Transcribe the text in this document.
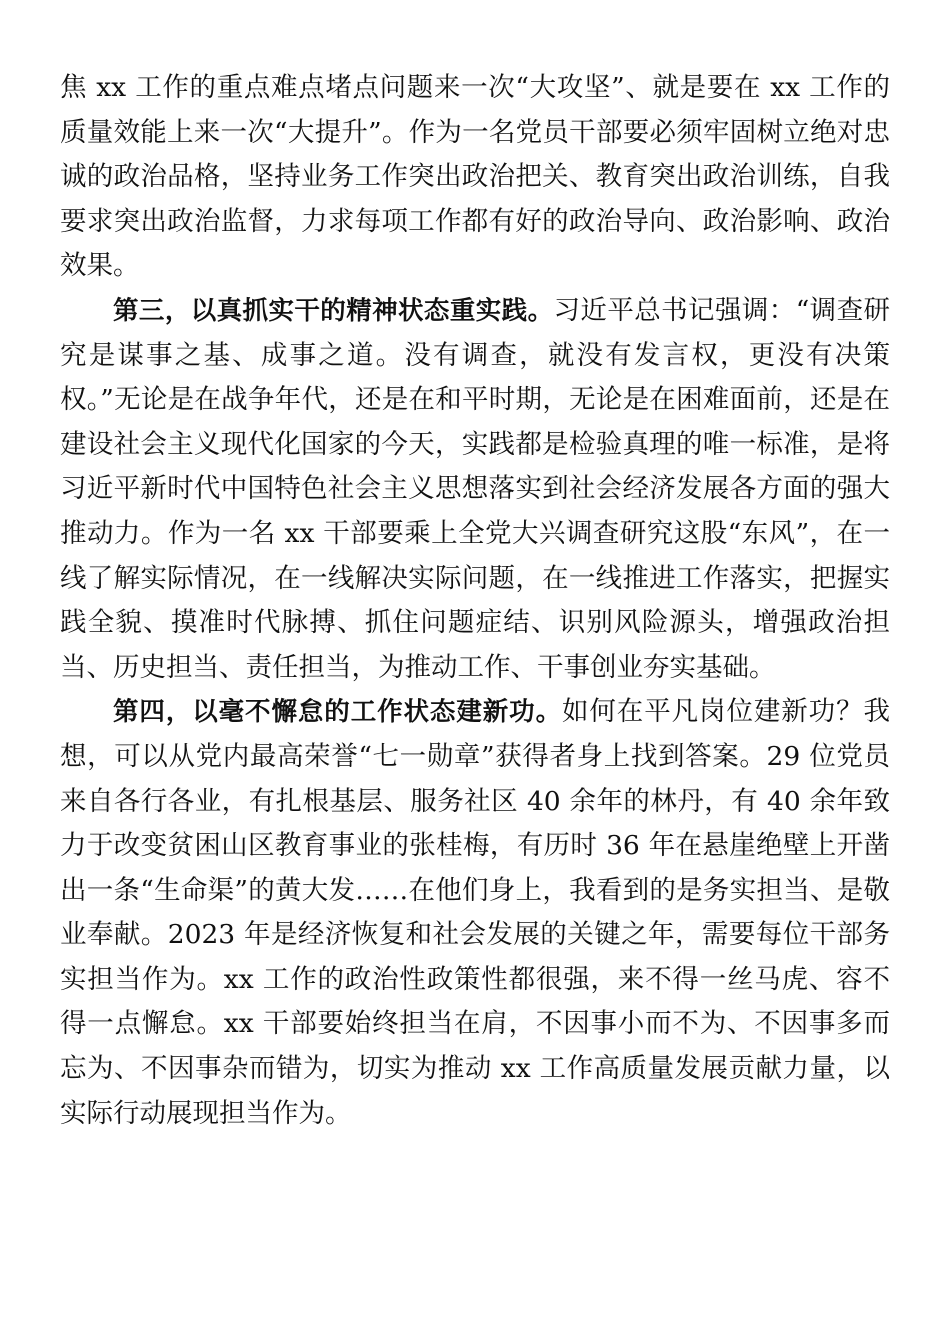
焦 xx 工作的重点难点堵点问题来一次“大攻坚”、就是要在 xx 工作的质量效能上来一次“大提升”。作为一名党员干部要必须牢固树立绝对忠诚的政治品格，坚持业务工作突出政治把关、教育突出政治训练，自我要求突出政治监督，力求每项工作都有好的政治导向、政治影响、政治效果。

第三，以真抓实干的精神状态重实践。习近平总书记强调：“调查研究是谋事之基、成事之道。没有调查，就没有发言权，更没有决策权。”无论是在战争年代，还是在和平时期，无论是在困难面前，还是在建设社会主义现代化国家的今天，实践都是检验真理的唯一标准，是将习近平新时代中国特色社会主义思想落实到社会经济发展各方面的强大推动力。作为一名 xx 干部要乘上全党大兴调查研究这股“东风”，在一线了解实际情况，在一线解决实际问题，在一线推进工作落实，把握实践全貌、摸准时代脉搏、抓住问题症结、识别风险源头，增强政治担当、历史担当、责任担当，为推动工作、干事创业夯实基础。

第四，以毫不懈怠的工作状态建新功。如何在平凡岗位建新功？我想，可以从党内最高荣誉“七一勋章”获得者身上找到答案。29 位党员来自各行各业，有扎根基层、服务社区 40 余年的林丹，有 40 余年致力于改变贫困山区教育事业的张桂梅，有历时 36 年在悬崖绝壁上开凿出一条“生命渠”的黄大发……在他们身上，我看到的是务实担当、是敬业奉献。2023 年是经济恢复和社会发展的关键之年，需要每位干部务实担当作为。xx 工作的政治性政策性都很强，来不得一丝马虎、容不得一点懈怠。xx 干部要始终担当在肩，不因事小而不为、不因事多而忘为、不因事杂而错为，切实为推动 xx 工作高质量发展贡献力量，以实际行动展现担当作为。
